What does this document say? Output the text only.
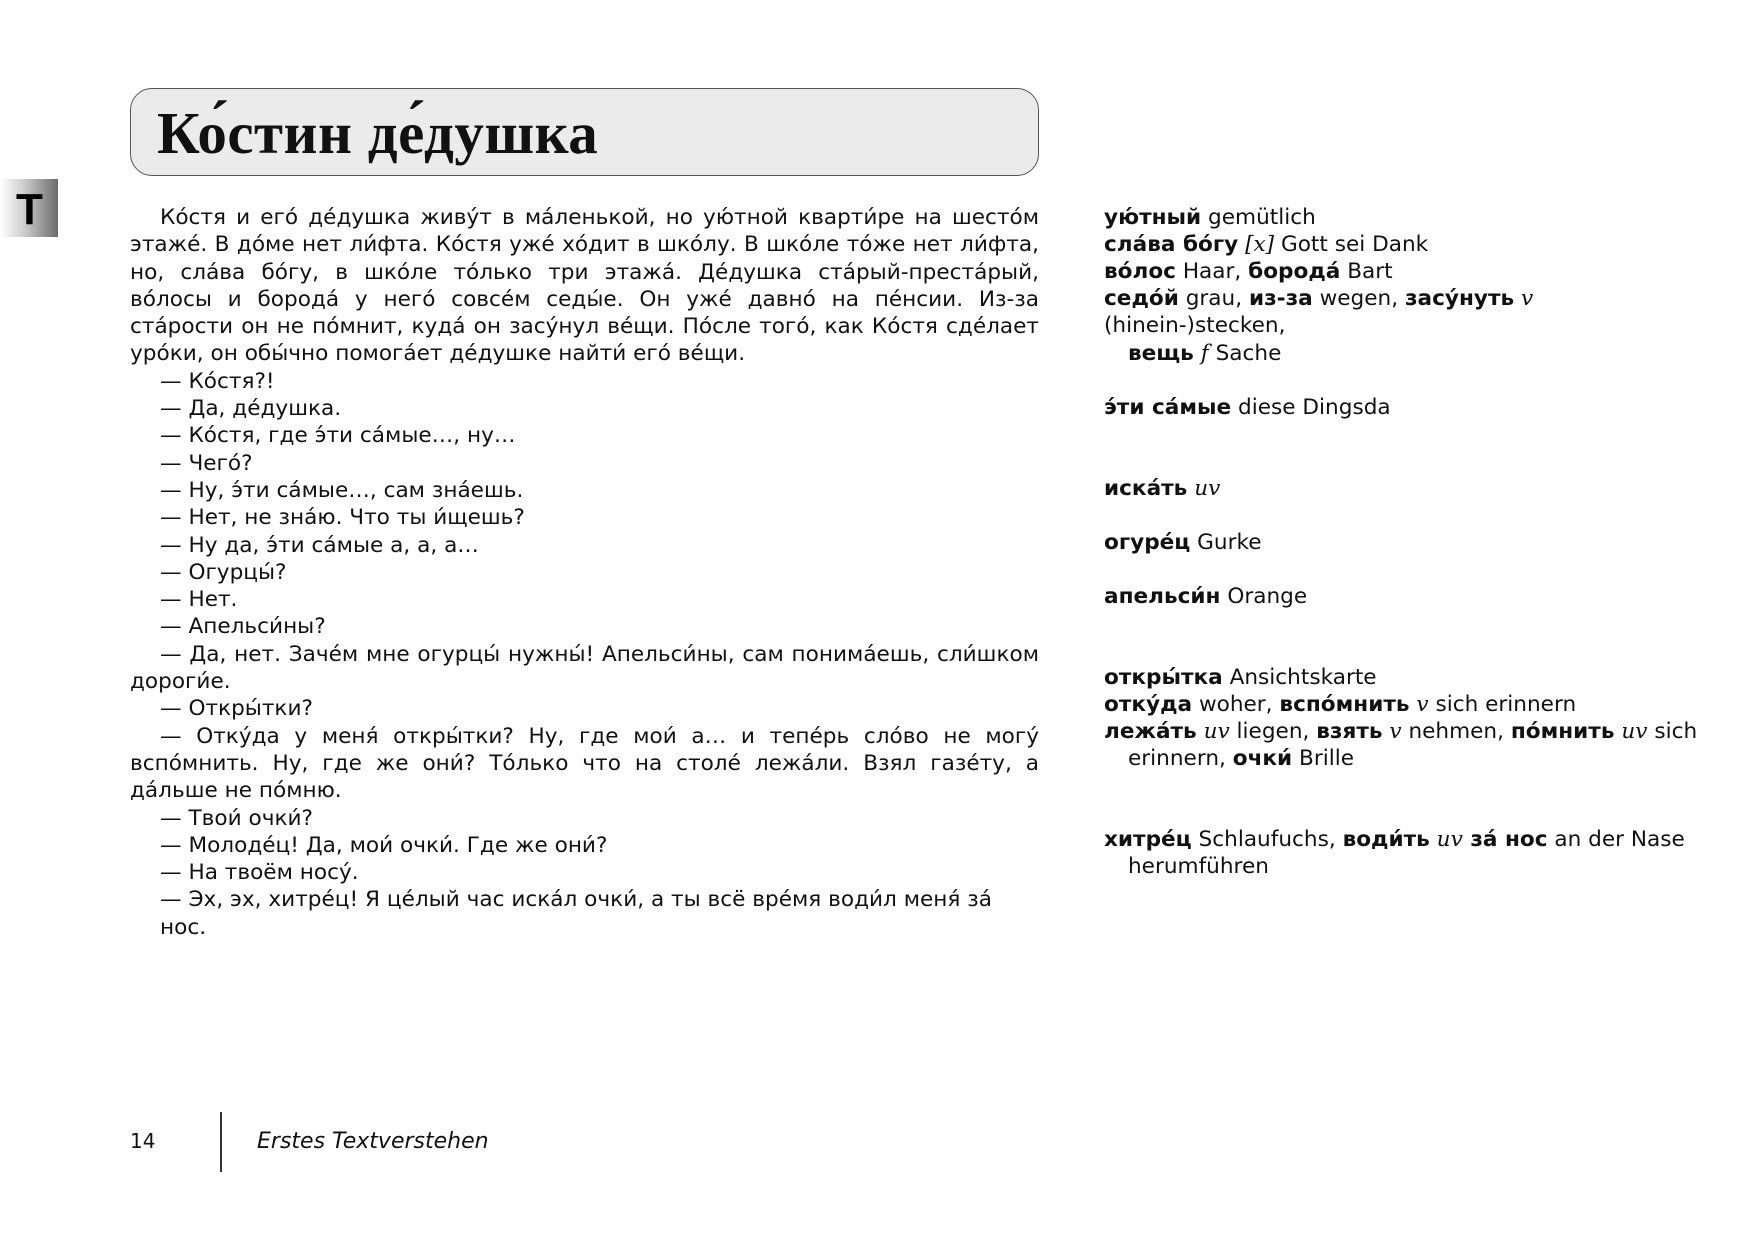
T
Ко́стин де́душка

Ко́стя и его́ де́душка живу́т в ма́ленькой, но ую́тной кварти́ре на шесто́м этаже́. В до́ме нет ли́фта. Ко́стя уже́ хо́дит в шко́лу. В шко́ле то́же нет ли́фта, но, сла́ва бо́гу, в шко́ле то́лько три этажа́. Де́душка ста́рый-преста́рый, во́лосы и борода́ у него́ совсе́м седы́е. Он уже́ давно́ на пе́нсии. Из-за ста́рости он не по́мнит, куда́ он засу́нул ве́щи. По́сле того́, как Ко́стя сде́лает уро́ки, он обы́чно помога́ет де́душке найти́ его́ ве́щи.

— Ко́стя?!

— Да, де́душка.

— Ко́стя, где э́ти са́мые…, ну…

— Чего́?

— Ну, э́ти са́мые…, сам зна́ешь.

— Нет, не зна́ю. Что ты и́щешь?

— Ну да, э́ти са́мые а, а, а…

— Огурцы́?

— Нет.

— Апельси́ны?

— Да, нет. Заче́м мне огурцы́ нужны́! Апельси́ны, сам понима́ешь, сли́шком дороги́е.

— Откры́тки?

— Отку́да у меня́ откры́тки? Ну, где мои́ а… и тепе́рь сло́во не могу́ вспо́мнить. Ну, где же они́? То́лько что на столе́ лежа́ли. Взял газе́ту, а да́льше не по́мню.

— Твои́ очки́?

— Молоде́ц! Да, мои́ очки́. Где же они́?

— На твоём носу́.

— Эх, эх, хитре́ц! Я це́лый час иска́л очки́, а ты всё вре́мя води́л меня́ за́ нос.

ую́тный gemütlich
сла́ва бо́гу [x] Gott sei Dank
во́лос Haar, борода́ Bart
седо́й grau, из-за wegen, засу́нуть v (hinein-)stecken,
вещь f Sache
э́ти са́мые diese Dingsda
иска́ть uv
огуре́ц Gurke
апельси́н Orange
откры́тка Ansichtskarte
отку́да woher, вспо́мнить v sich erinnern
лежа́ть uv liegen, взять v nehmen, по́мнить uv sich
erinnern, очки́ Brille
хитре́ц Schlaufuchs, води́ть uv за́ нос an der Nase
herumführen
14	Erstes Textverstehen
